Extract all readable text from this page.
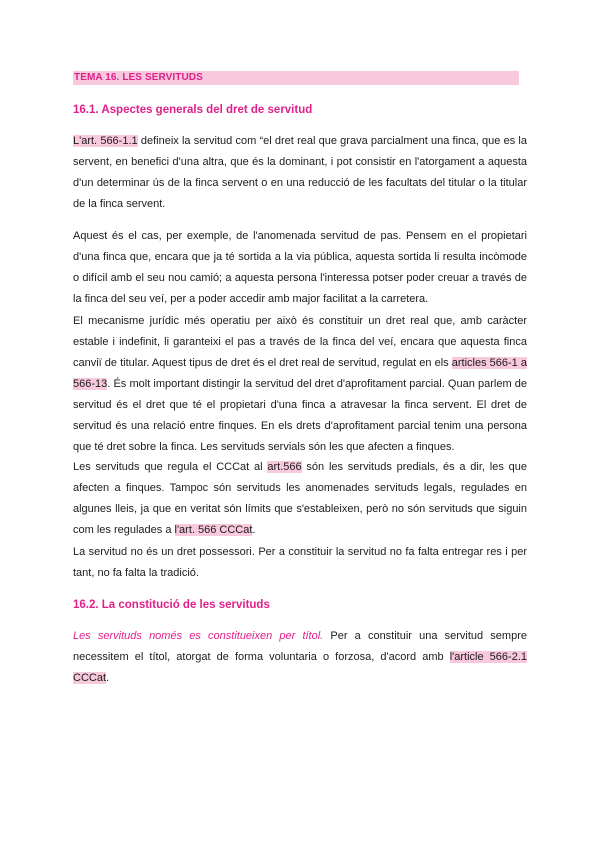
TEMA 16. LES SERVITUDS
16.1. Aspectes generals del dret de servitud

L'art. 566-1.1 defineix la servitud com “el dret real que grava parcialment una finca, que es la servent, en benefici d'una altra, que és la dominant, i pot consistir en l'atorgament a aquesta d'un determinar ús de la finca servent o en una reducció de les facultats del titular o la titular de la finca servent.

Aquest és el cas, per exemple, de l'anomenada servitud de pas. Pensem en el propietari d'una finca que, encara que ja té sortida a la via pública, aquesta sortida li resulta incòmode o difícil amb el seu nou camió; a aquesta persona l'interessa potser poder creuar a través de la finca del seu veí, per a poder accedir amb major facilitat a la carretera.

El mecanisme jurídic més operatiu per això és constituir un dret real que, amb caràcter estable i indefinit, li garanteixi el pas a través de la finca del veí, encara que aquesta finca canviï de titular. Aquest tipus de dret és el dret real de servitud, regulat en els articles 566-1 a 566-13. És molt important distingir la servitud del dret d'aprofitament parcial. Quan parlem de servitud és el dret que té el propietari d'una finca a atravesar la finca servent. El dret de servitud és una relació entre finques. En els drets d'aprofitament parcial tenim una persona que té dret sobre la finca. Les servituds servials són les que afecten a finques.

Les servituds que regula el CCCat al art.566 són les servituds predials, és a dir, les que afecten a finques. Tampoc són servituds les anomenades servituds legals, regulades en algunes lleis, ja que en veritat són límits que s'estableixen, però no són servituds que siguin com les regulades a l'art. 566 CCCat.

La servitud no és un dret possessori. Per a constituir la servitud no fa falta entregar res i per tant, no fa falta la tradició.

16.2. La constitució de les servituds

Les servituds només es constitueixen per títol. Per a constituir una servitud sempre necessitem el títol, atorgat de forma voluntaria o forzosa, d'acord amb l'article 566-2.1 CCCat.
